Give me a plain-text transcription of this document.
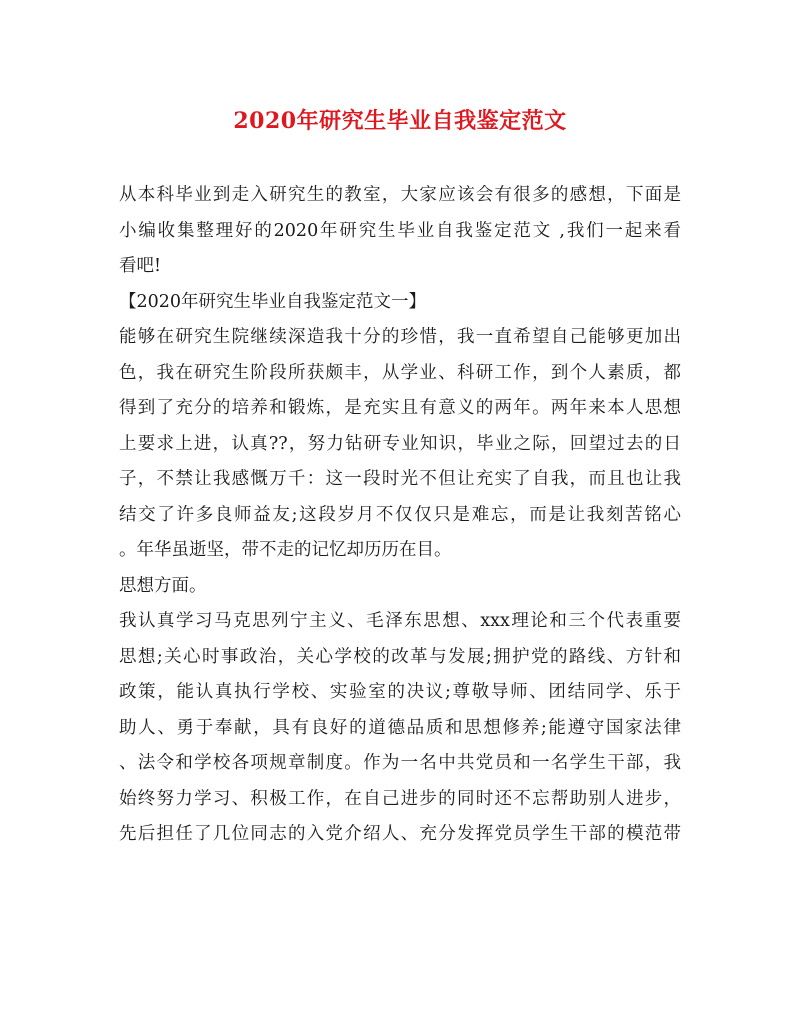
2020年研究生毕业自我鉴定范文
从本科毕业到走入研究生的教室，大家应该会有很多的感想，下面是
小编收集整理好的2020年研究生毕业自我鉴定范文 ,我们一起来看
看吧!
【2020年研究生毕业自我鉴定范文一】
能够在研究生院继续深造我十分的珍惜，我一直希望自己能够更加出
色，我在研究生阶段所获颇丰，从学业、科研工作，到个人素质，都
得到了充分的培养和锻炼，是充实且有意义的两年。两年来本人思想
上要求上进，认真??，努力钻研专业知识，毕业之际，回望过去的日
子，不禁让我感慨万千：这一段时光不但让充实了自我，而且也让我
结交了许多良师益友;这段岁月不仅仅只是难忘，而是让我刻苦铭心
。年华虽逝坚，带不走的记忆却历历在目。
思想方面。
我认真学习马克思列宁主义、毛泽东思想、xxx理论和三个代表重要
思想;关心时事政治，关心学校的改革与发展;拥护党的路线、方针和
政策，能认真执行学校、实验室的决议;尊敬导师、团结同学、乐于
助人、勇于奉献，具有良好的道德品质和思想修养;能遵守国家法律
、法令和学校各项规章制度。作为一名中共党员和一名学生干部，我
始终努力学习、积极工作，在自己进步的同时还不忘帮助别人进步，
先后担任了几位同志的入党介绍人、充分发挥党员学生干部的模范带
